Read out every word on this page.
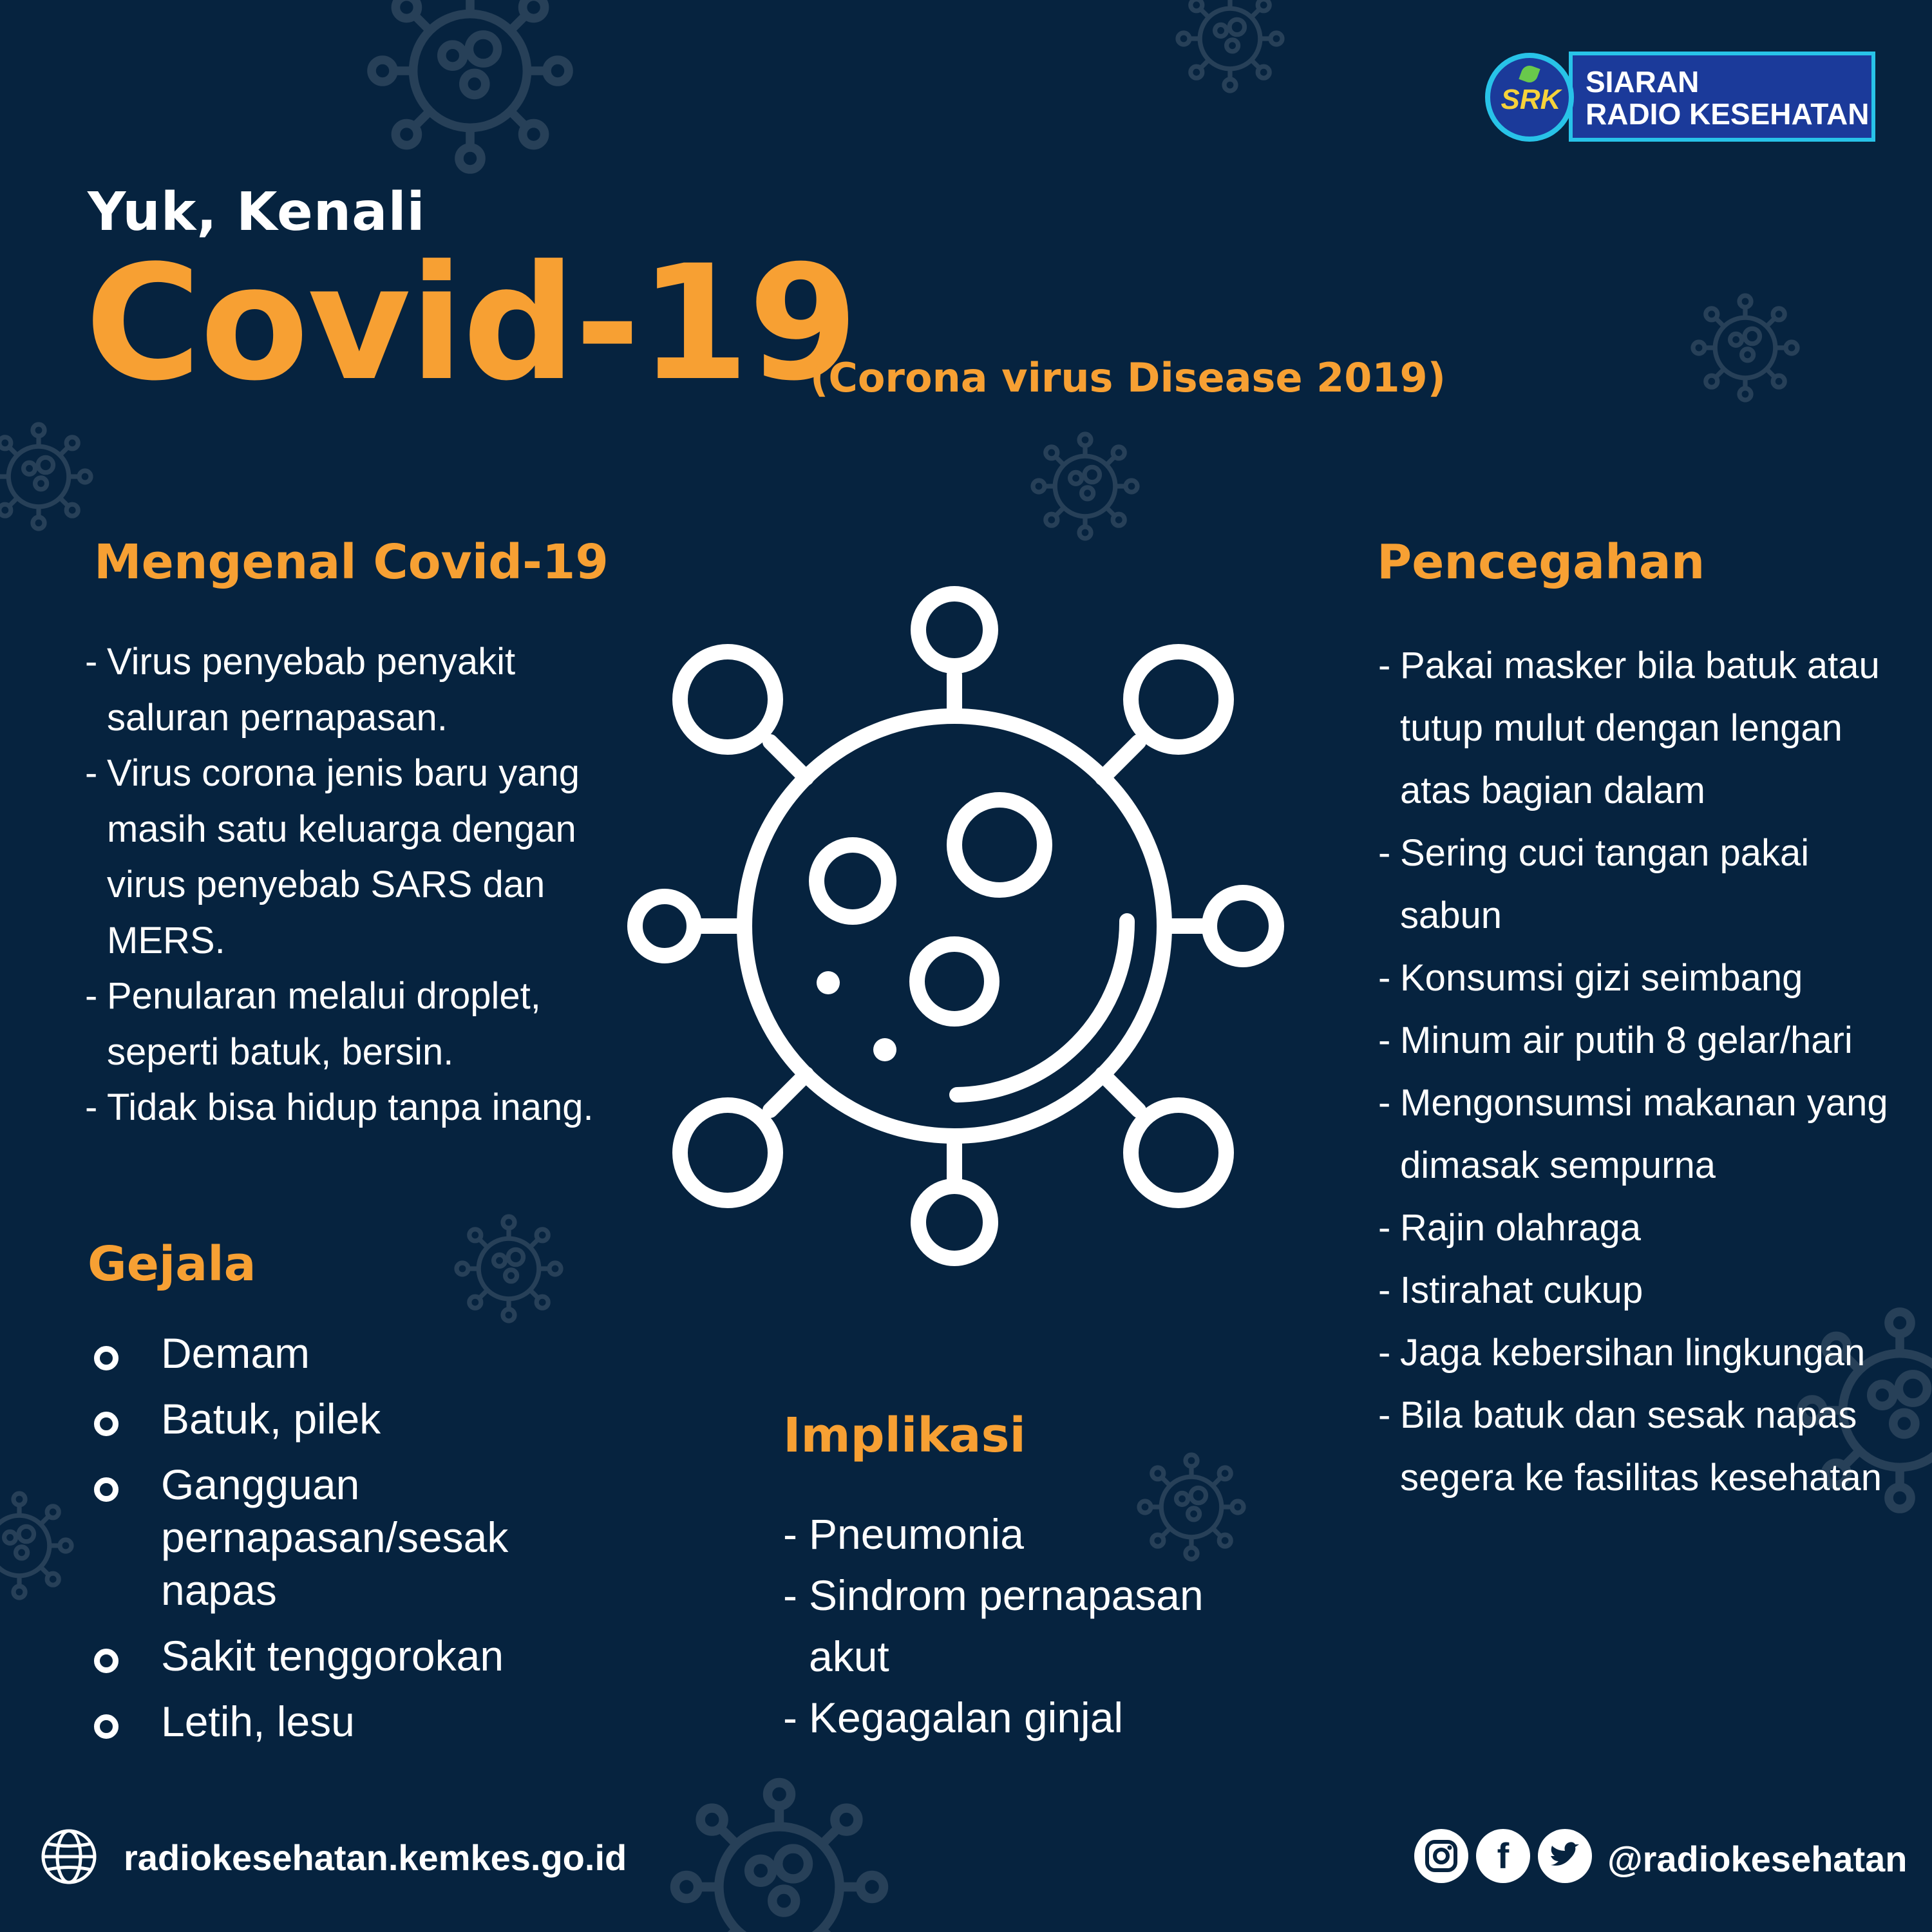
SIARAN
RADIO KESEHATAN
SRK
Yuk, Kenali
Covid-19
(Corona virus Disease 2019)
Mengenal Covid-19
- Virus penyebab penyakit saluran pernapasan.
- Virus corona jenis baru yang masih satu keluarga dengan virus penyebab SARS dan MERS.
- Penularan melalui droplet, seperti batuk, bersin.
- Tidak bisa hidup tanpa inang.
Gejala
Demam
Batuk, pilek
Gangguan pernapasan/sesak napas
Sakit tenggorokan
Letih, lesu
Implikasi
- Pneumonia
- Sindrom pernapasan akut
- Kegagalan ginjal
Pencegahan
- Pakai masker bila batuk atau tutup mulut dengan lengan atas bagian dalam
- Sering cuci tangan pakai sabun
- Konsumsi gizi seimbang
- Minum air putih 8 gelar/hari
- Mengonsumsi makanan yang dimasak sempurna
- Rajin olahraga
- Istirahat cukup
- Jaga kebersihan lingkungan
- Bila batuk dan sesak napas segera ke fasilitas kesehatan
radiokesehatan.kemkes.go.id	f	@radiokesehatan
